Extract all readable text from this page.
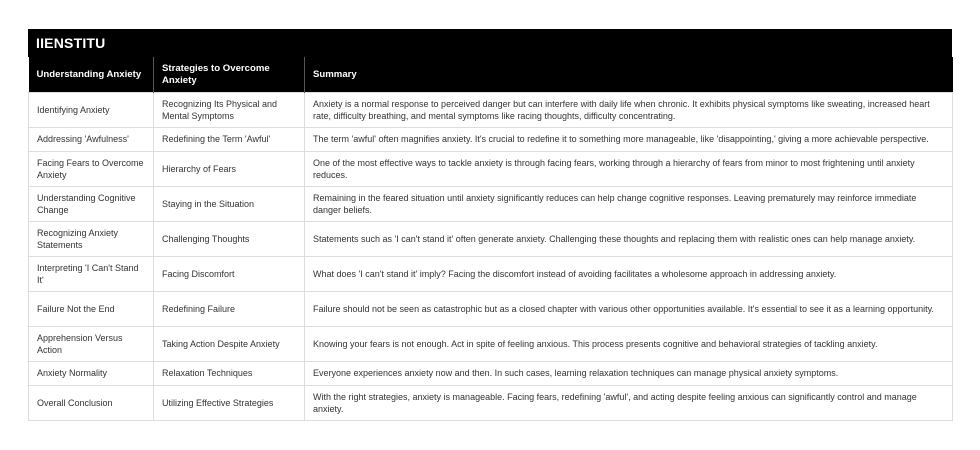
IIENSTITU
Understanding Anxiety	Strategies to Overcome Anxiety	Summary
Identifying Anxiety	Recognizing Its Physical and Mental Symptoms	Anxiety is a normal response to perceived danger but can interfere with daily life when chronic. It exhibits physical symptoms like sweating, increased heart rate, difficulty breathing, and mental symptoms like racing thoughts, difficulty concentrating.
Addressing 'Awfulness'	Redefining the Term 'Awful'	The term 'awful' often magnifies anxiety. It's crucial to redefine it to something more manageable, like 'disappointing,' giving a more achievable perspective.
Facing Fears to Overcome Anxiety	Hierarchy of Fears	One of the most effective ways to tackle anxiety is through facing fears, working through a hierarchy of fears from minor to most frightening until anxiety reduces.
Understanding Cognitive Change	Staying in the Situation	Remaining in the feared situation until anxiety significantly reduces can help change cognitive responses. Leaving prematurely may reinforce immediate danger beliefs.
Recognizing Anxiety Statements	Challenging Thoughts	Statements such as 'I can't stand it' often generate anxiety. Challenging these thoughts and replacing them with realistic ones can help manage anxiety.
Interpreting 'I Can't Stand It'	Facing Discomfort	What does 'I can't stand it' imply? Facing the discomfort instead of avoiding facilitates a wholesome approach in addressing anxiety.
Failure Not the End	Redefining Failure	Failure should not be seen as catastrophic but as a closed chapter with various other opportunities available. It's essential to see it as a learning opportunity.
Apprehension Versus Action	Taking Action Despite Anxiety	Knowing your fears is not enough. Act in spite of feeling anxious. This process presents cognitive and behavioral strategies of tackling anxiety.
Anxiety Normality	Relaxation Techniques	Everyone experiences anxiety now and then. In such cases, learning relaxation techniques can manage physical anxiety symptoms.
Overall Conclusion	Utilizing Effective Strategies	With the right strategies, anxiety is manageable. Facing fears, redefining 'awful', and acting despite feeling anxious can significantly control and manage anxiety.
